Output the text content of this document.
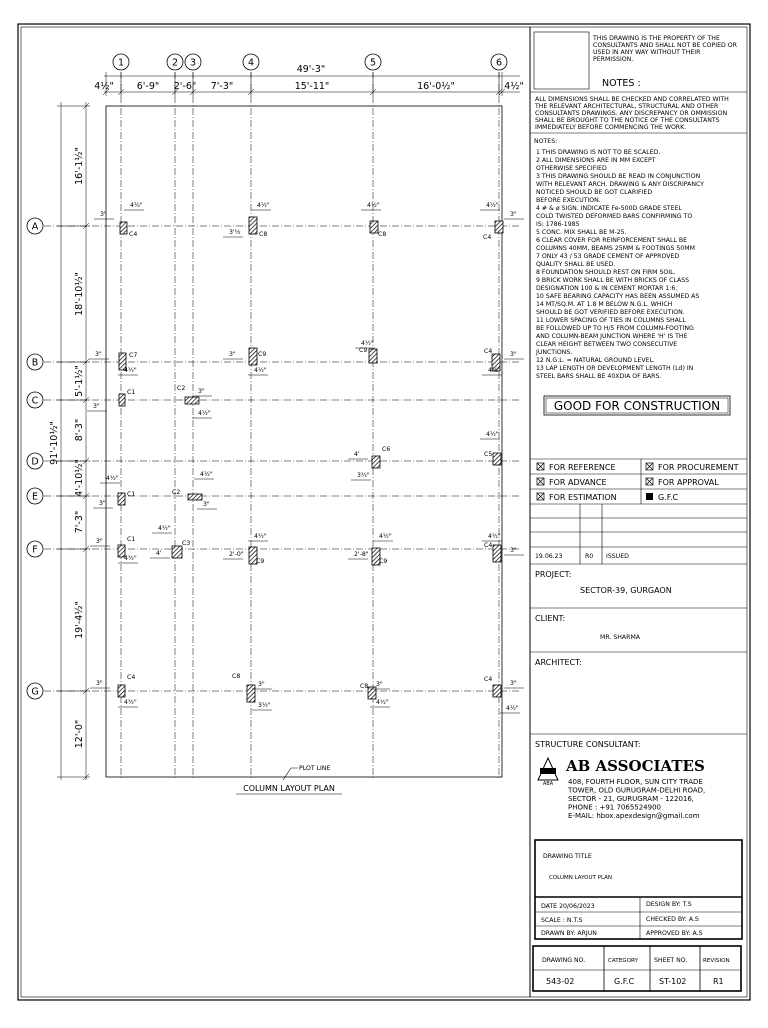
1	2 3	4	5	6
A
B
C
D
E
F
G
49'-3"
4½" 6'-9" 2'-6" 7'-3"	15'-11"	16'-0½"	4½"
16'-1½"
18'-10½"
5'-1½"
8'-3"
4'-10½"
7'-3"
19'-4½"
12'-0"
91'-10½"
C4	C8	C8	C4
C7	C9
C9	C4
C1
C2
C6
C5
C1	C2
C1
C3
C9	C9
C4
C4	C8
C8
C4
4½"
3"
4½"
3'½
4½"	4½"
3"
3"
4½"
3"
4½"
4½"
4½"
3"
3"
3"
4½"
4½"
4'
3½"
4½"
3"
4½"
3"
3"
4½"
4½"
4'	2'-0"
4½"
2'-8"
4½"	4½"
3"
3"
4½"
3"
3½"
3"
4½"
3"
4½"
PLOT LINE
COLUMN LAYOUT PLAN
THIS DRAWING IS THE PROPERTY OF THE CONSULTANTS AND SHALL NOT BE COPIED OR USED IN ANY WAY WITHOUT THEIR PERMISSION.
NOTES :
ALL DIMENSIONS SHALL BE CHECKED AND CORRELATED WITH THE RELEVANT ARCHITECTURAL, STRUCTURAL AND OTHER CONSULTANTS DRAWINGS. ANY DISCREPANCY OR OMMISSION SHALL BE BROUGHT TO THE NOTICE OF THE CONSULTANTS IMMEDIATELY BEFORE COMMENCING THE WORK.
NOTES:
1 THIS DRAWING IS NOT TO BE SCALED.
2 ALL DIMENSIONS ARE IN MM EXCEPT
OTHERWISE SPECIFIED
3 THIS DRAWING SHOULD BE READ IN CONJUNCTION
WITH RELEVANT ARCH. DRAWING & ANY DISCRIPANCY
NOTICED SHOULD BE GOT CLARIFIED
BEFORE EXECUTION.
4 # & ø SIGN. INDICATE Fe-500D GRADE STEEL
COLD TWISTED DEFORMED BARS CONFIRMING TO
IS: 1786-1985
5 CONC. MIX SHALL BE M-25.
6 CLEAR COVER FOR REINFORCEMENT SHALL BE
COLUMNS 40MM, BEAMS 25MM & FOOTINGS 50MM
7 ONLY 43 / 53 GRADE CEMENT OF APPROVED
QUALITY SHALL BE USED.
8 FOUNDATION SHOULD REST ON FIRM SOIL.
9 BRICK WORK SHALL BE WITH BRICKS OF CLASS
DESIGNATION 100 & IN CEMENT MORTAR 1:6.
10 SAFE BEARING CAPACITY HAS BEEN ASSUMED AS
14 MT/SQ.M. AT 1.8 M BELOW N.G.L. WHICH
SHOULD BE GOT VERIFIED BEFORE EXECUTION.
11 LOWER SPACING OF TIES IN COLUMNS SHALL
BE FOLLOWED UP TO H/5 FROM COLUMN-FOOTING
AND COLUMN-BEAM JUNCTION WHERE 'H' IS THE
CLEAR HEIGHT BETWEEN TWO CONSECUTIVE
JUNCTIONS.
12 N.G.L. = NATURAL GROUND LEVEL.
13 LAP LENGTH OR DEVELOPMENT LENGTH (Ld) IN
STEEL BARS SHALL BE 40XDIA OF BARS.
GOOD FOR CONSTRUCTION
FOR REFERENCE	FOR PROCUREMENT
FOR ADVANCE	FOR APPROVAL
FOR ESTIMATION	G.F.C
19.06.23	R0 ISSUED
PROJECT:
SECTOR-39, GURGAON
CLIENT:
MR. SHARMA
ARCHITECT:
STRUCTURE CONSULTANT:
ABA
AB ASSOCIATES
408, FOURTH FLOOR, SUN CITY TRADE
TOWER, OLD GURUGRAM-DELHI ROAD,
SECTOR - 21, GURUGRAM - 122016,
PHONE : +91 7065524900
E-MAIL: hbox.apexdesign@gmail.com
DRAWING TITLE
COLUMN LAYOUT PLAN
DATE 20/06/2023	DESIGN BY: T.S
SCALE : N.T.S	CHECKED BY: A.S
DRAWN BY: ARJUN	APPROVED BY: A.S
DRAWING NO.	CATEGORY	SHEET NO.	REVISION
543-02	G.F.C	ST-102	R1
